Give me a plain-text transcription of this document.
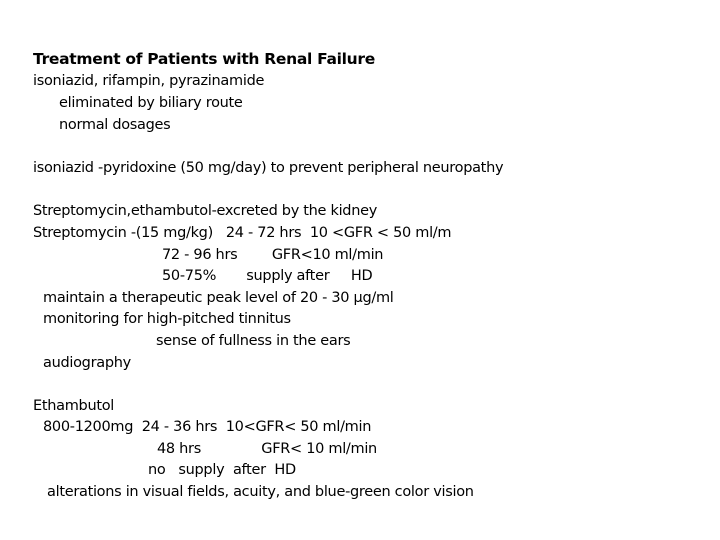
Treatment of Patients with Renal Failure
isoniazid, rifampin, pyrazinamide
eliminated by biliary route
normal dosages
isoniazid -pyridoxine (50 mg/day) to prevent peripheral neuropathy
Streptomycin,ethambutol-excreted by the kidney
Streptomycin -(15 mg/kg)   24 - 72 hrs  10 <GFR < 50 ml/m
72 - 96 hrs        GFR<10 ml/min
50-75%       supply after     HD
maintain a therapeutic peak level of 20 - 30 µg/ml
monitoring for high-pitched tinnitus
sense of fullness in the ears
audiography
Ethambutol
800-1200mg  24 - 36 hrs  10<GFR< 50 ml/min
48 hrs              GFR< 10 ml/min
no   supply  after  HD
alterations in visual fields, acuity, and blue-green color vision
